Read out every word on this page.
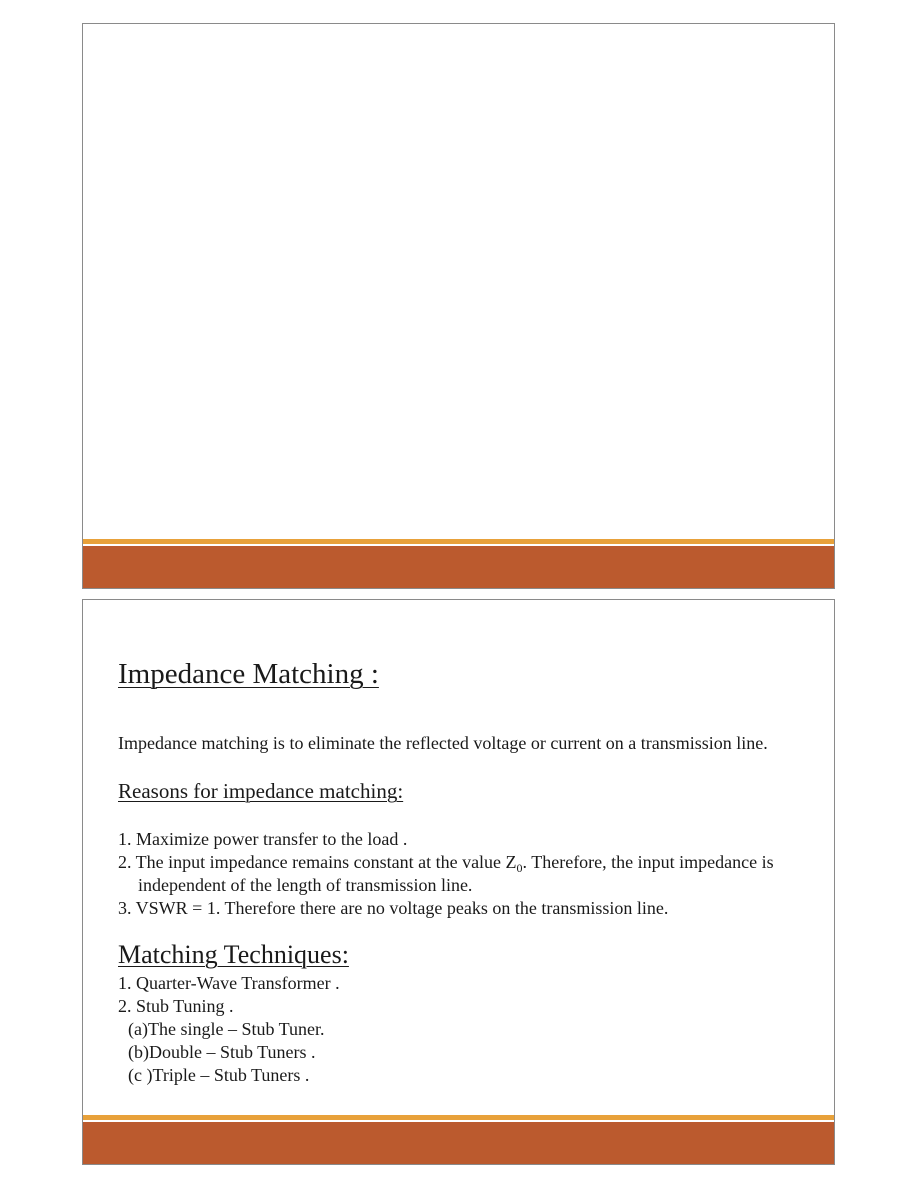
Impedance Matching :

Impedance matching is to eliminate the reflected voltage or current on a transmission line.

Reasons for impedance matching:
1. Maximize power transfer to the load .
2. The input impedance remains constant at the value $Z_0$. Therefore, the input impedance is independent of the length of transmission line.
3. VSWR = 1. Therefore there are no voltage peaks on the transmission line.
Matching Techniques:
1. Quarter-Wave Transformer .
2. Stub Tuning .
(a)The single – Stub Tuner.
(b)Double – Stub Tuners .
(c )Triple – Stub Tuners .
